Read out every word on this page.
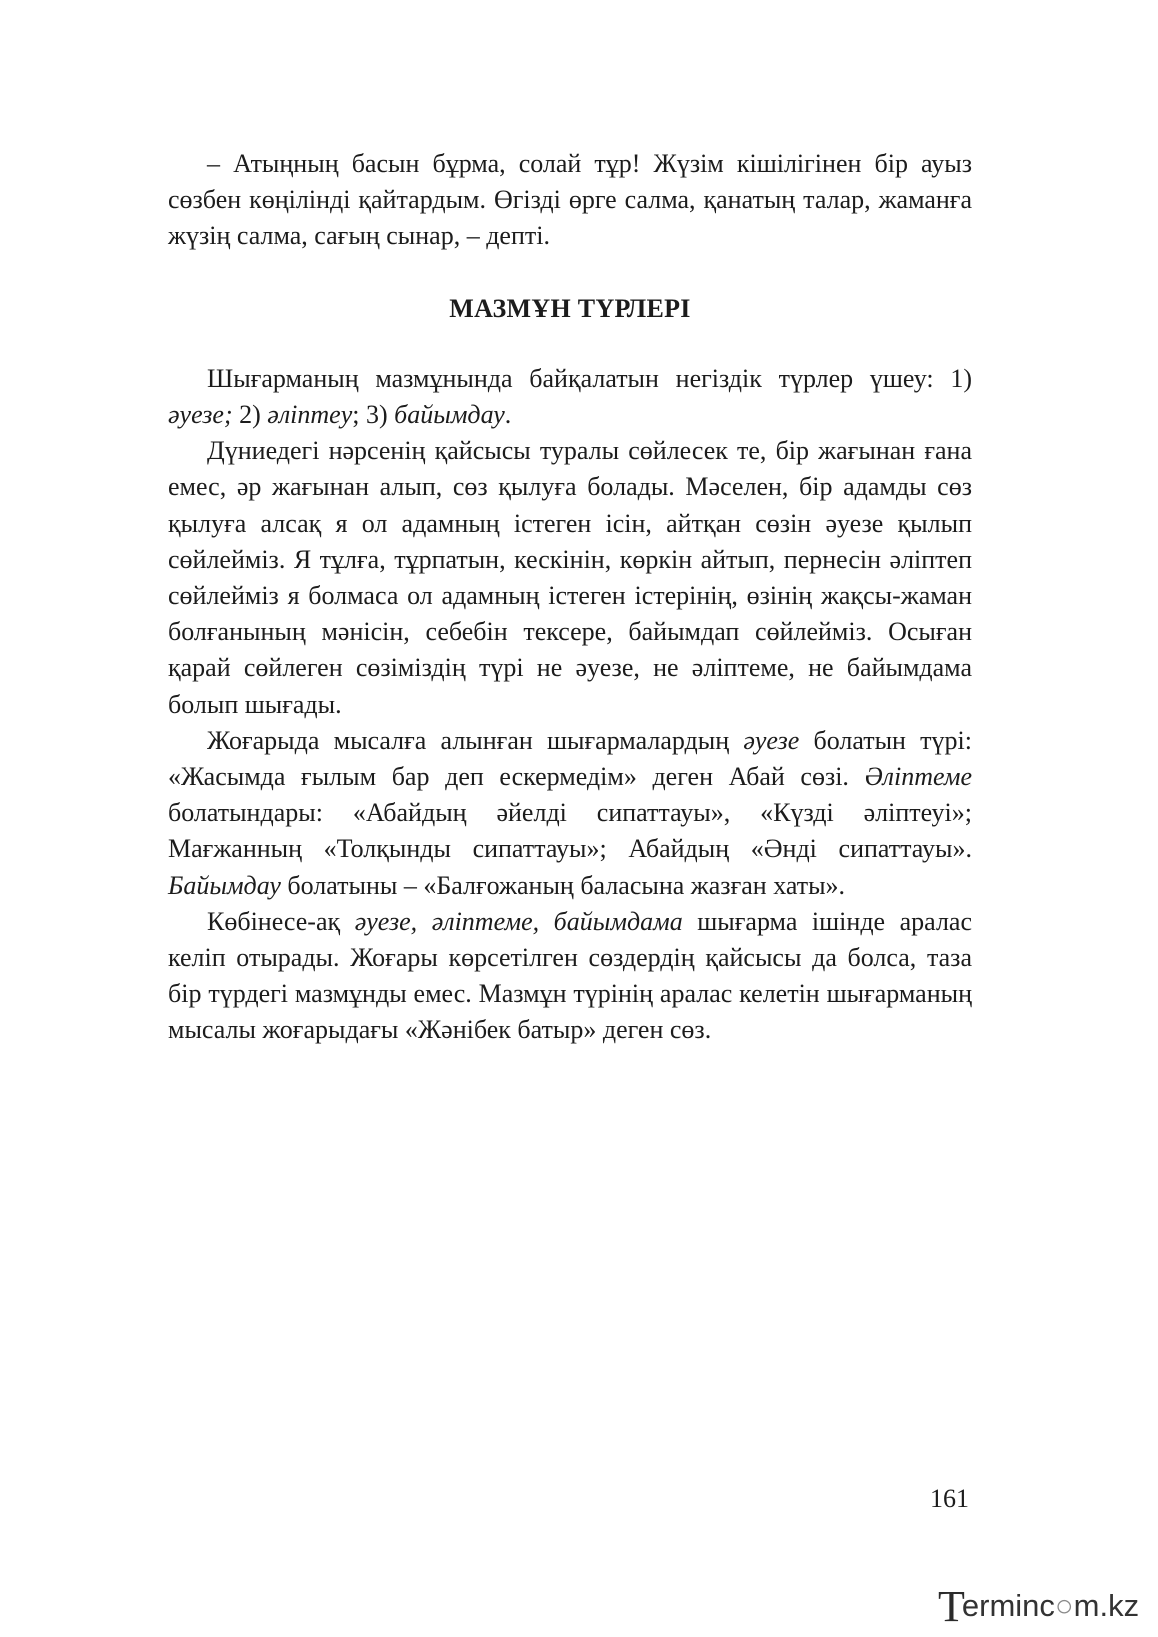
– Атыңның басын бұрма, солай тұр! Жүзім кішілігінен бір ауыз сөзбен көңілінді қайтардым. Өгізді өрге салма, қанатың талар, жаманға жүзің салма, сағың сынар, – депті.

МАЗМҰН ТҮРЛЕРІ

Шығарманың мазмұнында байқалатын негіздік түрлер үшеу: 1) әуезе; 2) әліптеу; 3) байымдау.

Дүниедегі нәрсенің қайсысы туралы сөйлесек те, бір жағынан ғана емес, әр жағынан алып, сөз қылуға болады. Мәселен, бір адамды сөз қылуға алсақ я ол адамның істеген ісін, айтқан сөзін әуезе қылып сөйлейміз. Я тұлға, тұрпатын, кескінін, көркін айтып, пернесін әліптеп сөйлейміз я болмаса ол адамның істеген істерінің, өзінің жақсы-жаман болғанының мәнісін, себебін тексере, байымдап сөйлейміз. Осыған қарай сөйлеген сөзіміздің түрі не әуезе, не әліптеме, не байымдама болып шығады.

Жоғарыда мысалға алынған шығармалардың әуезе болатын түрі: «Жасымда ғылым бар деп ескермедім» деген Абай сөзі. Әліптеме болатындары: «Абайдың әйелді сипаттауы», «Күзді әліптеуі»; Мағжанның «Толқынды сипаттауы»; Абайдың «Әнді сипаттауы». Байымдау болатыны – «Балғожаның баласына жазған хаты».

Көбінесе-ақ әуезе, әліптеме, байымдама шығарма ішінде аралас келіп отырады. Жоғары көрсетілген сөздердің қайсысы да болса, таза бір түрдегі мазмұнды емес. Мазмұн түрінің аралас келетін шығарманың мысалы жоғарыдағы «Жәнібек батыр» деген сөз.

161
T
erminc ○ m.kz
